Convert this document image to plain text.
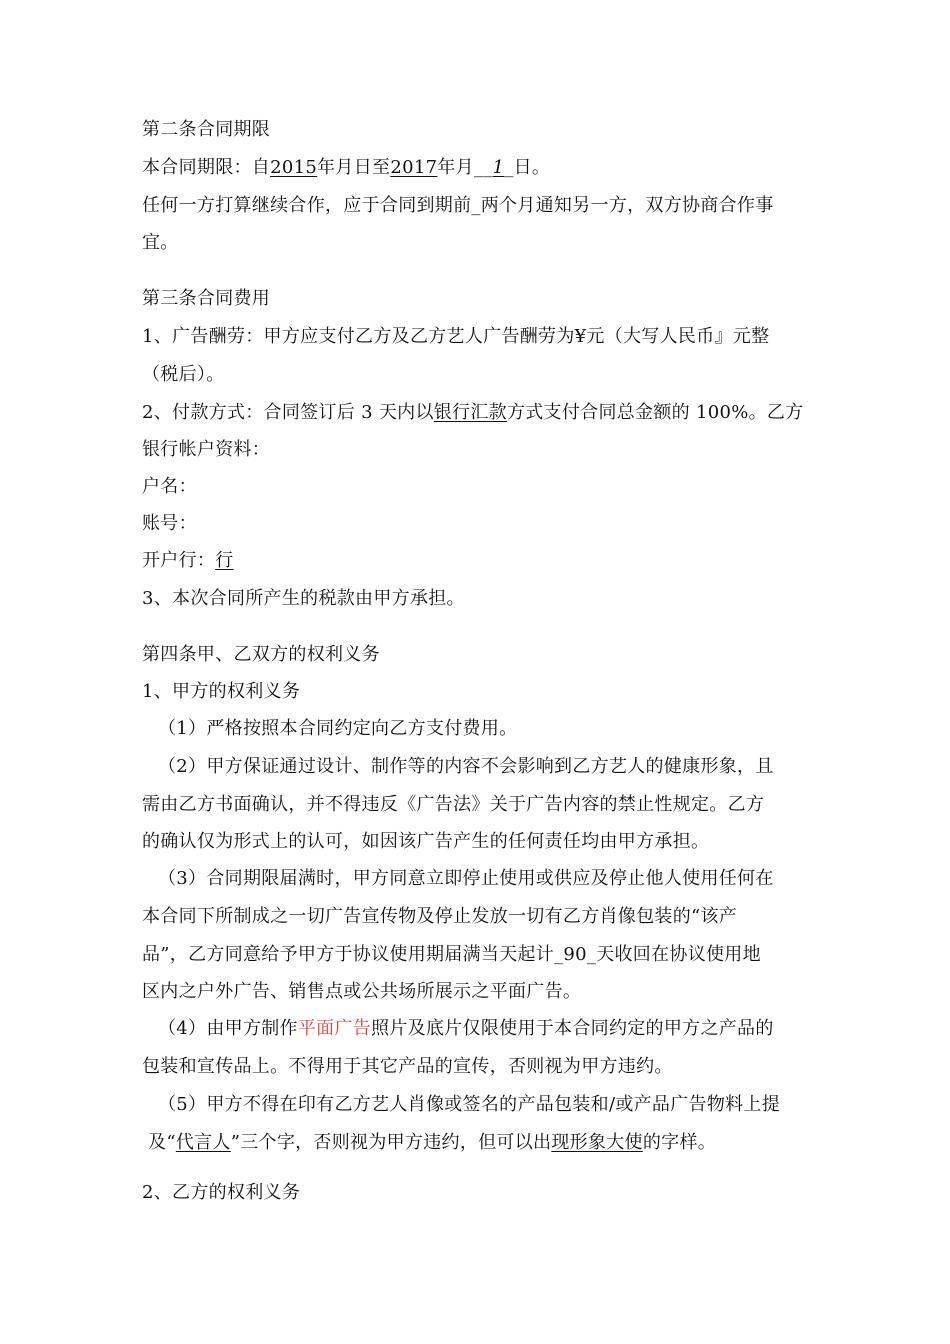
第二条合同期限
本合同期限：自2015年月日至2017年月__1_日。
任何一方打算继续合作，应于合同到期前_两个月通知另一方，双方协商合作事
宜。
第三条合同费用
1、广告酬劳：甲方应支付乙方及乙方艺人广告酬劳为¥元（大写人民币』元整
（税后）。
2、付款方式：合同签订后 3 天内以银行汇款方式支付合同总金额的 100%。乙方
银行帐户资料：
户名：
账号：
开户行：行
3、本次合同所产生的税款由甲方承担。
第四条甲、乙双方的权利义务
1、甲方的权利义务
（1）严格按照本合同约定向乙方支付费用。
（2）甲方保证通过设计、制作等的内容不会影响到乙方艺人的健康形象，且
需由乙方书面确认，并不得违反《广告法》关于广告内容的禁止性规定。乙方
的确认仅为形式上的认可，如因该广告产生的任何责任均由甲方承担。
（3）合同期限届满时，甲方同意立即停止使用或供应及停止他人使用任何在
本合同下所制成之一切广告宣传物及停止发放一切有乙方肖像包装的“该产
品”，乙方同意给予甲方于协议使用期届满当天起计_90_天收回在协议使用地
区内之户外广告、销售点或公共场所展示之平面广告。
（4）由甲方制作平面广告照片及底片仅限使用于本合同约定的甲方之产品的
包装和宣传品上。不得用于其它产品的宣传，否则视为甲方违约。
（5）甲方不得在印有乙方艺人肖像或签名的产品包装和/或产品广告物料上提
及“代言人”三个字，否则视为甲方违约，但可以出现形象大使的字样。
2、乙方的权利义务
